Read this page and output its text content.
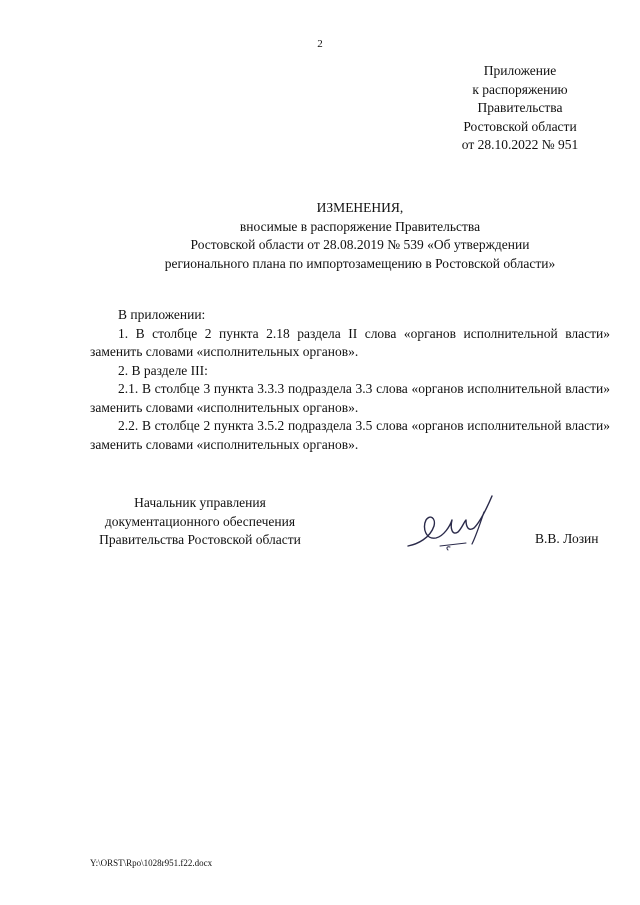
2
Приложение
к распоряжению
Правительства
Ростовской области
от 28.10.2022 № 951
ИЗМЕНЕНИЯ,
вносимые в распоряжение Правительства
Ростовской области от 28.08.2019 № 539 «Об утверждении
регионального плана по импортозамещению в Ростовской области»
В приложении:
1. В столбце 2 пункта 2.18 раздела II слова «органов исполнительной власти» заменить словами «исполнительных органов».
2. В разделе III:
2.1. В столбце 3 пункта 3.3.3 подраздела 3.3 слова «органов исполнительной власти» заменить словами «исполнительных органов».
2.2. В столбце 2 пункта 3.5.2 подраздела 3.5 слова «органов исполнительной власти» заменить словами «исполнительных органов».
Начальник управления
документационного обеспечения
Правительства Ростовской области	В.В. Лозин
Y:\ORST\Rpo\1028r951.f22.docx
